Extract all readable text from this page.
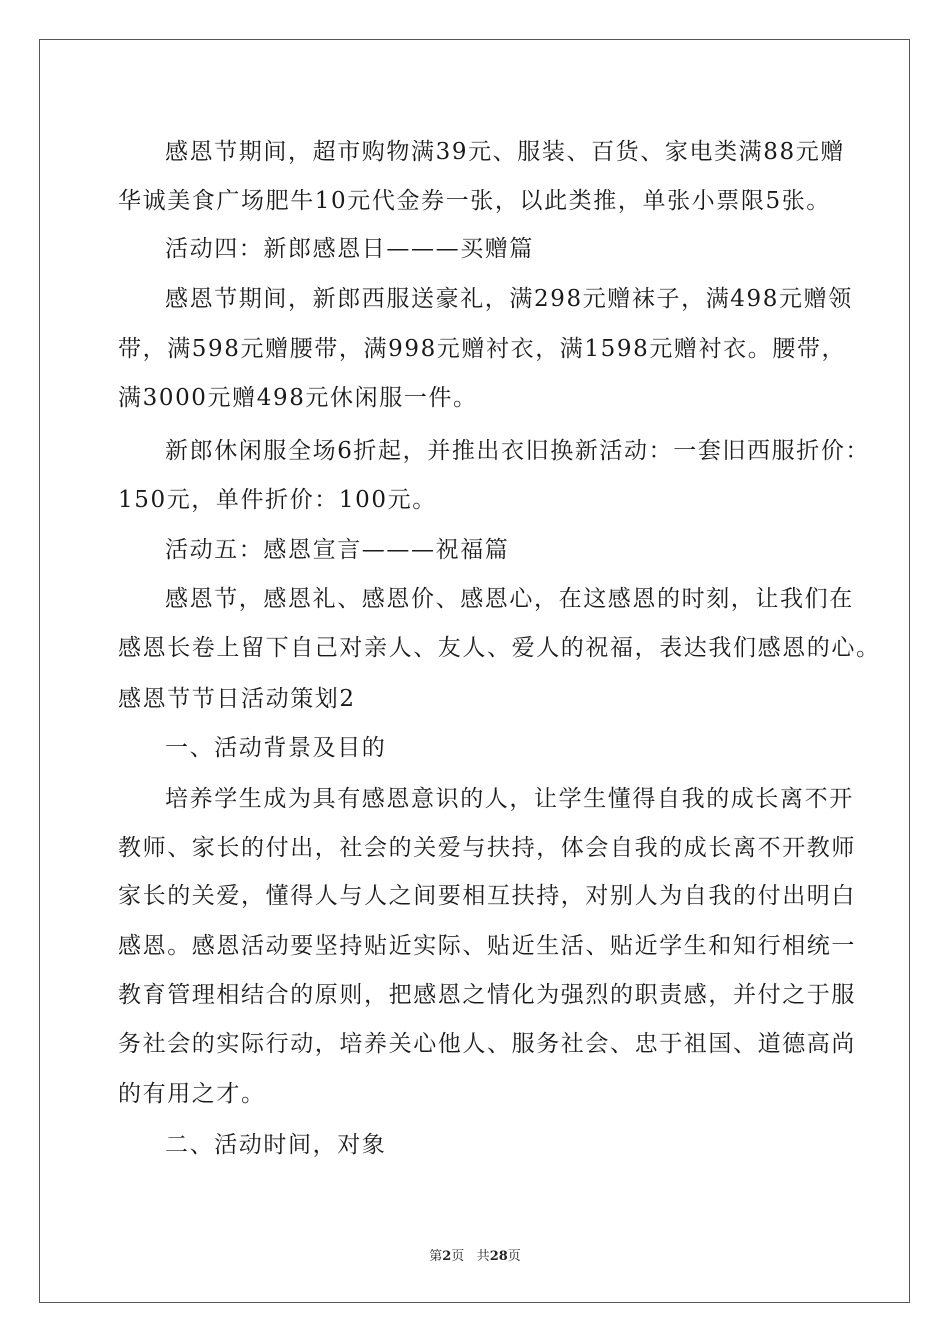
感恩节期间，超市购物满39元、服装、百货、家电类满88元赠
华诚美食广场肥牛10元代金券一张，以此类推，单张小票限5张。
活动四：新郎感恩日———买赠篇
感恩节期间，新郎西服送豪礼，满298元赠袜子，满498元赠领
带，满598元赠腰带，满998元赠衬衣，满1598元赠衬衣。腰带，
满3000元赠498元休闲服一件。
新郎休闲服全场6折起，并推出衣旧换新活动：一套旧西服折价：
150元，单件折价：100元。
活动五：感恩宣言———祝福篇
感恩节，感恩礼、感恩价、感恩心，在这感恩的时刻，让我们在
感恩长卷上留下自己对亲人、友人、爱人的祝福，表达我们感恩的心。
感恩节节日活动策划2
一、活动背景及目的
培养学生成为具有感恩意识的人，让学生懂得自我的成长离不开
教师、家长的付出，社会的关爱与扶持，体会自我的成长离不开教师
家长的关爱，懂得人与人之间要相互扶持，对别人为自我的付出明白
感恩。感恩活动要坚持贴近实际、贴近生活、贴近学生和知行相统一
教育管理相结合的原则，把感恩之情化为强烈的职责感，并付之于服
务社会的实际行动，培养关心他人、服务社会、忠于祖国、道德高尚
的有用之才。
二、活动时间，对象
第2页 共28页
